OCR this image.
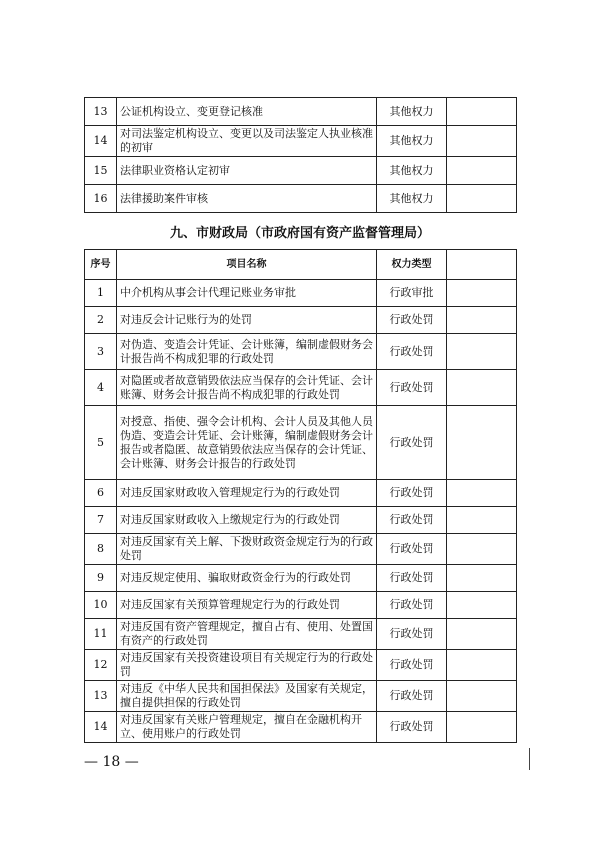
13	公证机构设立、变更登记核准	其他权力	
14	对司法鉴定机构设立、变更以及司法鉴定人执业核准的初审	其他权力	
15	法律职业资格认定初审	其他权力	
16	法律援助案件审核	其他权力	
九、市财政局（市政府国有资产监督管理局）
序号	项目名称	权力类型	
1	中介机构从事会计代理记账业务审批	行政审批	
2	对违反会计记账行为的处罚	行政处罚	
3	对伪造、变造会计凭证、会计账簿，编制虚假财务会计报告尚不构成犯罪的行政处罚	行政处罚	
4	对隐匿或者故意销毁依法应当保存的会计凭证、会计账簿、财务会计报告尚不构成犯罪的行政处罚	行政处罚	
5	对授意、指使、强令会计机构、会计人员及其他人员伪造、变造会计凭证、会计账簿，编制虚假财务会计报告或者隐匿、故意销毁依法应当保存的会计凭证、会计账簿、财务会计报告的行政处罚	行政处罚	
6	对违反国家财政收入管理规定行为的行政处罚	行政处罚	
7	对违反国家财政收入上缴规定行为的行政处罚	行政处罚	
8	对违反国家有关上解、下拨财政资金规定行为的行政处罚	行政处罚	
9	对违反规定使用、骗取财政资金行为的行政处罚	行政处罚	
10	对违反国家有关预算管理规定行为的行政处罚	行政处罚	
11	对违反国有资产管理规定，擅自占有、使用、处置国有资产的行政处罚	行政处罚	
12	对违反国家有关投资建设项目有关规定行为的行政处罚	行政处罚	
13	对违反《中华人民共和国担保法》及国家有关规定，擅自提供担保的行政处罚	行政处罚	
14	对违反国家有关账户管理规定，擅自在金融机构开立、使用账户的行政处罚	行政处罚	
— 18 —
